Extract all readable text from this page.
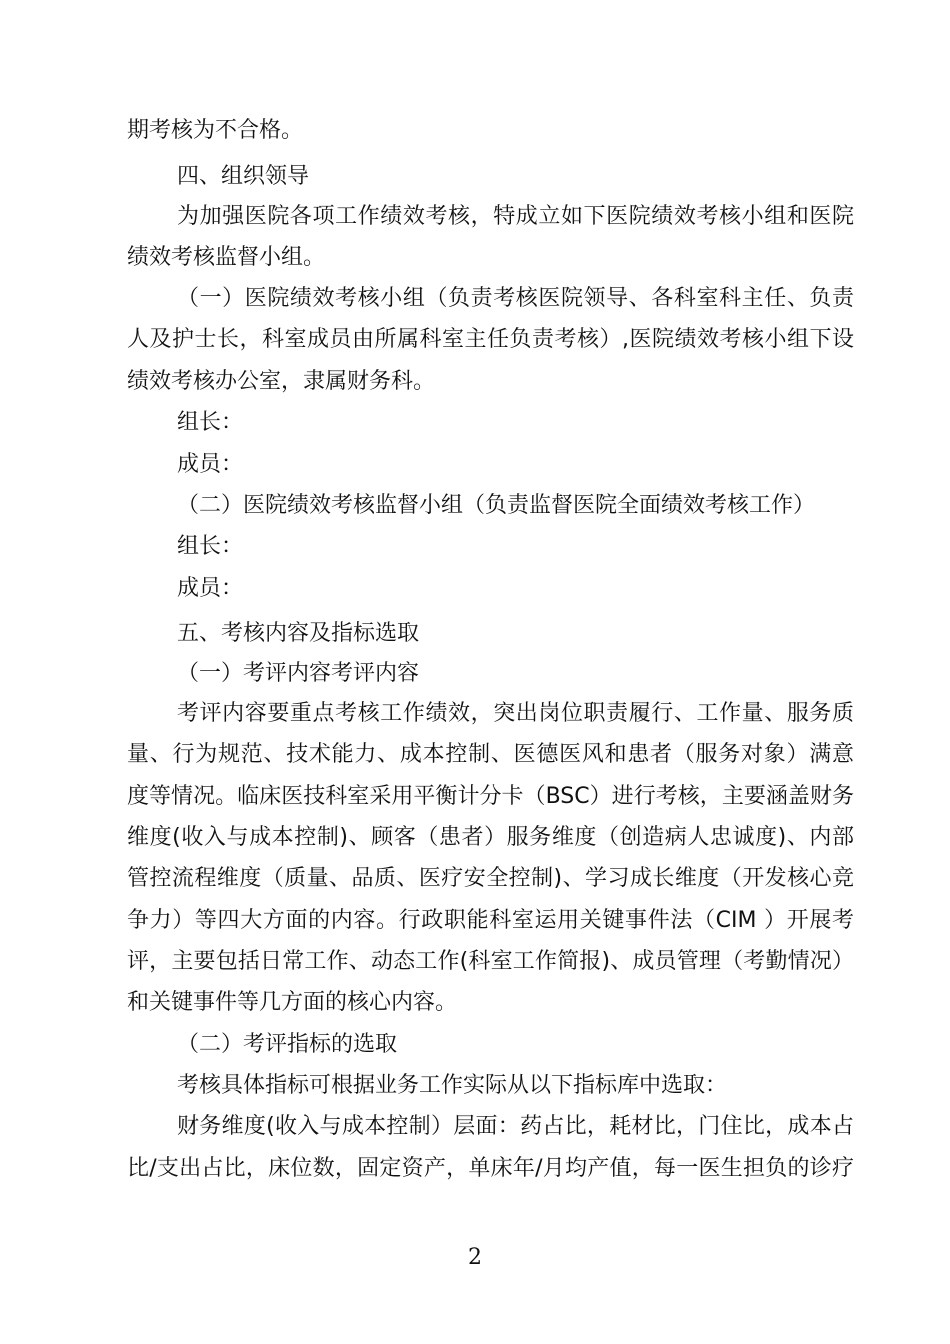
期考核为不合格。
四、组织领导
为加强医院各项工作绩效考核，特成立如下医院绩效考核小组和医院
绩效考核监督小组。
（一）医院绩效考核小组（负责考核医院领导、各科室科主任、负责
人及护士长，科室成员由所属科室主任负责考核）,医院绩效考核小组下设
绩效考核办公室，隶属财务科。
组长：
成员：
（二）医院绩效考核监督小组（负责监督医院全面绩效考核工作）
组长：
成员：
五、考核内容及指标选取
（一）考评内容考评内容
考评内容要重点考核工作绩效，突出岗位职责履行、工作量、服务质
量、行为规范、技术能力、成本控制、医德医风和患者（服务对象）满意
度等情况。临床医技科室采用平衡计分卡（BSC）进行考核，主要涵盖财务
维度(收入与成本控制)、顾客（患者）服务维度（创造病人忠诚度)、内部
管控流程维度（质量、品质、医疗安全控制)、学习成长维度（开发核心竞
争力）等四大方面的内容。行政职能科室运用关键事件法（CIM ）开展考
评，主要包括日常工作、动态工作(科室工作简报)、成员管理（考勤情况）
和关键事件等几方面的核心内容。
（二）考评指标的选取
考核具体指标可根据业务工作实际从以下指标库中选取：
财务维度(收入与成本控制）层面：药占比，耗材比，门住比，成本占
比/支出占比，床位数，固定资产，单床年/月均产值，每一医生担负的诊疗
2
